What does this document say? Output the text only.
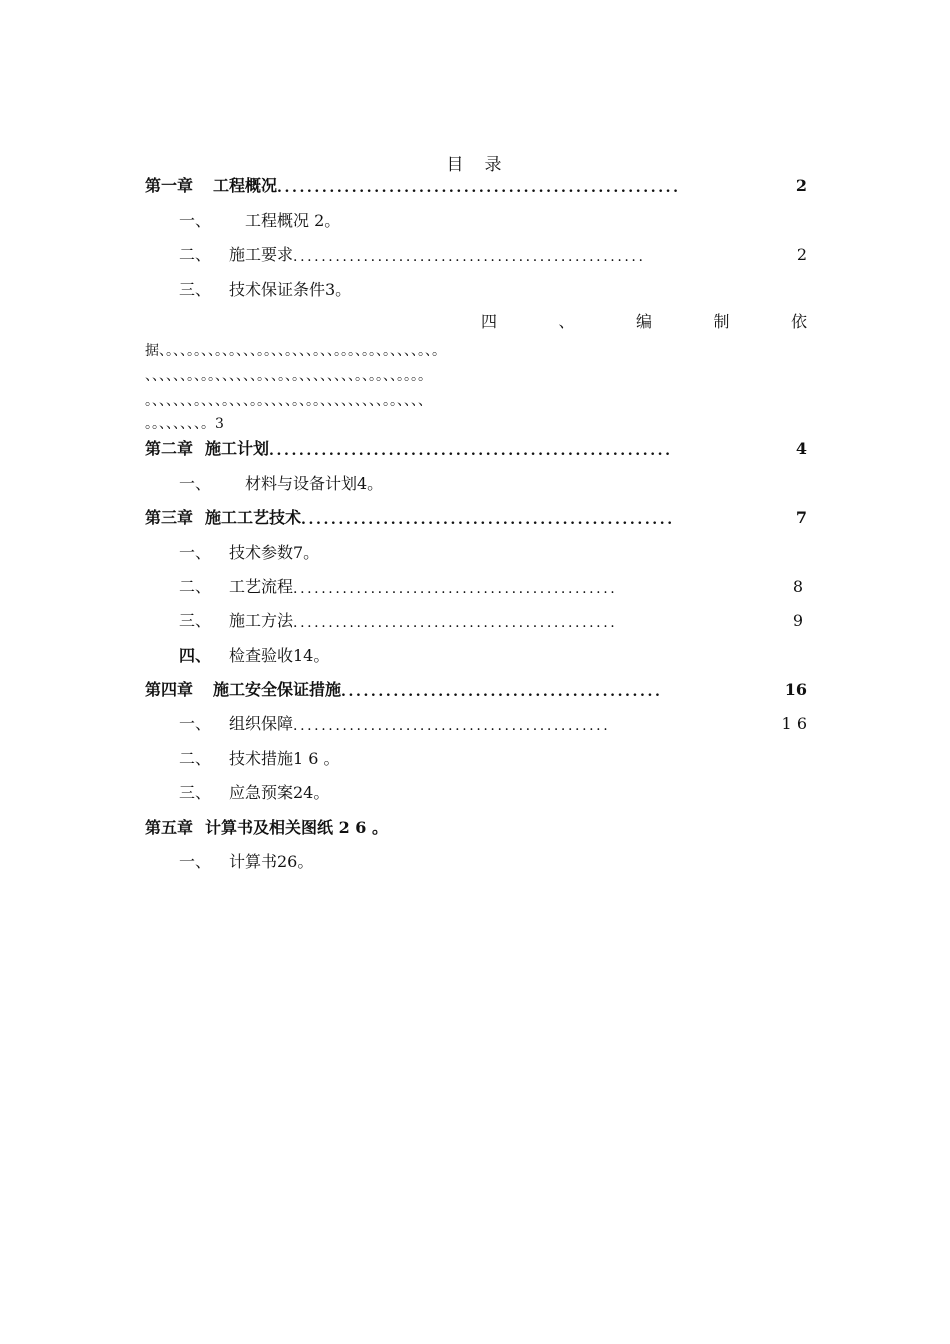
目　录
第一章 工程概况 ......................................................	2
一、	　工程概况 2。
二、	施工要求 ..................................................	2
三、	技术保证条件3。
四	、	编	制	依
据、。、、。。、、。、。、、、。。、、。、、、。、、。。。、。。、。、、、、。、。
、、、、、、。、。。、、、、、、。、、。、。、、、、、、、、。、。。、、。。。。
。、、、、、、。、、、。、、、。。、、、、。、。。、、、、、、、、、。。、、、、
。。、、、、、、。3
第二章 施工计划 ......................................................	4
一、	　材料与设备计划4。
第三章 施工工艺技术 ..................................................	7
一、	技术参数7。
二、	工艺流程 ..............................................	8
三、	施工方法 ..............................................	9
四、	检查验收14。
第四章 施工安全保证措施 ...........................................	16
一、	组织保障 .............................................	1 6
二、	技术措施1 6 。
三、	应急预案24。
第五章 计算书及相关图纸 2 6 。
一、	计算书26。
